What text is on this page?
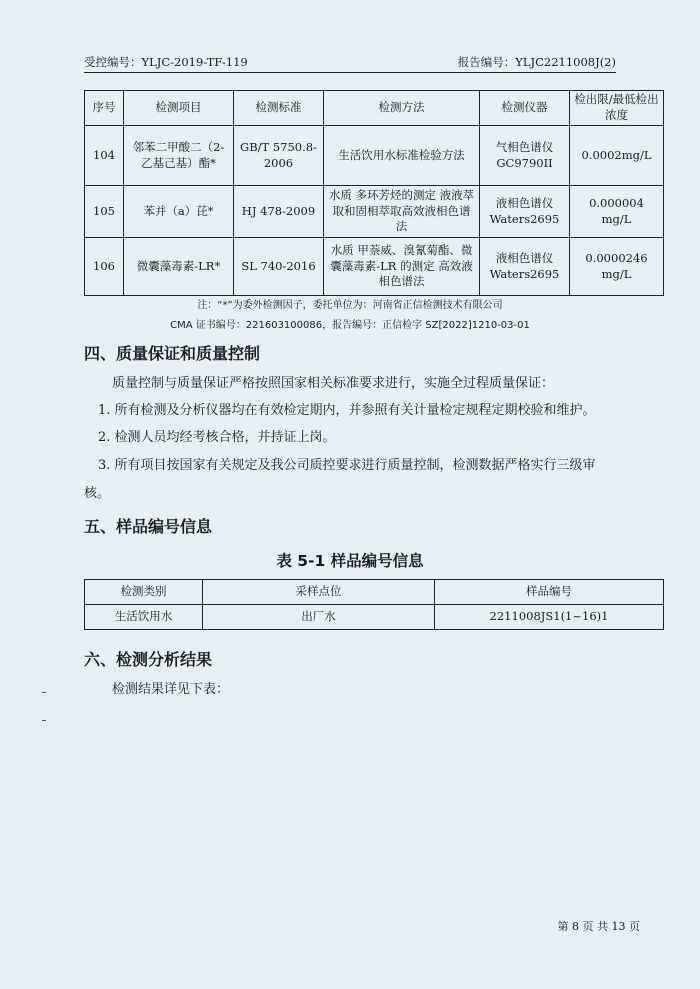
受控编号：YLJC-2019-TF-119	报告编号：YLJC2211008J(2)
序号	检测项目	检测标准	检测方法	检测仪器	检出限/最低检出浓度
104	邻苯二甲酸二（2-乙基己基）酯*	GB/T 5750.8-2006	生活饮用水标准检验方法	气相色谱仪 GC9790II	0.0002mg/L
105	苯并（a）芘*	HJ 478-2009	水质 多环芳烃的测定 液液萃取和固相萃取高效液相色谱法	液相色谱仪 Waters2695	0.000004 mg/L
106	微囊藻毒素-LR*	SL 740-2016	水质 甲萘威、溴氰菊酯、微囊藻毒素-LR 的测定 高效液相色谱法	液相色谱仪 Waters2695	0.0000246 mg/L
注：“*”为委外检测因子，委托单位为：河南省正信检测技术有限公司
CMA 证书编号：221603100086，报告编号：正信检字 SZ[2022]1210-03-01
四、质量保证和质量控制
质量控制与质量保证严格按照国家相关标准要求进行，实施全过程质量保证：
1. 所有检测及分析仪器均在有效检定期内，并参照有关计量检定规程定期校验和维护。
2. 检测人员均经考核合格，并持证上岗。
3. 所有项目按国家有关规定及我公司质控要求进行质量控制，检测数据严格实行三级审
核。
五、样品编号信息
表 5-1 样品编号信息
检测类别	采样点位	样品编号
生活饮用水	出厂水	2211008JS1(1~16)1
六、检测分析结果
检测结果详见下表：
第 8 页 共 13 页
